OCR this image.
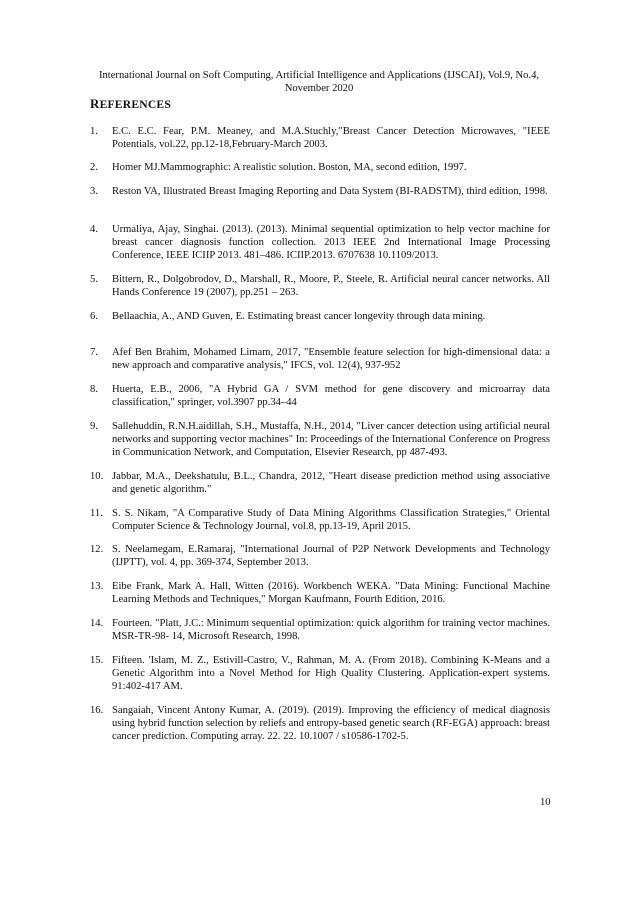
International Journal on Soft Computing, Artificial Intelligence and Applications (IJSCAI), Vol.9, No.4,
November 2020
REFERENCES
1.	E.C. E.C. Fear, P.M. Meaney, and M.A.Stuchly,"Breast Cancer Detection Microwaves, "IEEE Potentials, vol.22, pp.12-18,February-March 2003.
2.	Homer MJ.Mammographic: A realistic solution. Boston, MA, second edition, 1997.
3.	Reston VA, Illustrated Breast Imaging Reporting and Data System (BI-RADSTM), third edition, 1998.
4.	Urmaliya, Ajay, Singhai. (2013). (2013). Minimal sequential optimization to help vector machine for breast cancer diagnosis function collection. 2013 IEEE 2nd International Image Processing Conference, IEEE ICIIP 2013. 481–486. ICIIP.2013. 6707638 10.1109/2013.
5.	Bittern, R., Dolgobrodov, D., Marshall, R., Moore, P., Steele, R. Artificial neural cancer networks. All Hands Conference 19 (2007), pp.251 – 263.
6.	Bellaachia, A., AND Guven, E. Estimating breast cancer longevity through data mining.
7.	Afef Ben Brahim, Mohamed Limam, 2017, "Ensemble feature selection for high-dimensional data: a new approach and comparative analysis," IFCS, vol. 12(4), 937-952
8.	Huerta, E.B., 2006, "A Hybrid GA / SVM method for gene discovery and microarray data classification," springer, vol.3907 pp.34–44
9.	Sallehuddin, R.N.H.aidillah, S.H., Mustaffa, N.H., 2014, "Liver cancer detection using artificial neural networks and supporting vector machines" In: Proceedings of the International Conference on Progress in Communication Network, and Computation, Elsevier Research, pp 487-493.
10. Jabbar, M.A., Deekshatulu, B.L., Chandra, 2012, "Heart disease prediction method using associative and genetic algorithm."
11. S. S. Nikam, "A Comparative Study of Data Mining Algorithms Classification Strategies," Oriental Computer Science & Technology Journal, vol.8, pp.13-19, April 2015.
12. S. Neelamegam, E.Ramaraj, "International Journal of P2P Network Developments and Technology (IJPTT), vol. 4, pp. 369-374, September 2013.
13. Eibe Frank, Mark A. Hall, Witten (2016). Workbench WEKA. "Data Mining: Functional Machine Learning Methods and Techniques," Morgan Kaufmann, Fourth Edition, 2016.
14. Fourteen. "Platt, J.C.: Minimum sequential optimization: quick algorithm for training vector machines. MSR-TR-98- 14, Microsoft Research, 1998.
15. Fifteen. 'Islam, M. Z., Estivill-Castro, V., Rahman, M. A. (From 2018). Combining K-Means and a Genetic Algorithm into a Novel Method for High Quality Clustering. Application-expert systems. 91:402-417 AM.
16. Sangaiah, Vincent Antony Kumar, A. (2019). (2019). Improving the efficiency of medical diagnosis using hybrid function selection by reliefs and entropy-based genetic search (RF-EGA) approach: breast cancer prediction. Computing array. 22. 22. 10.1007 / s10586-1702-5.
10
